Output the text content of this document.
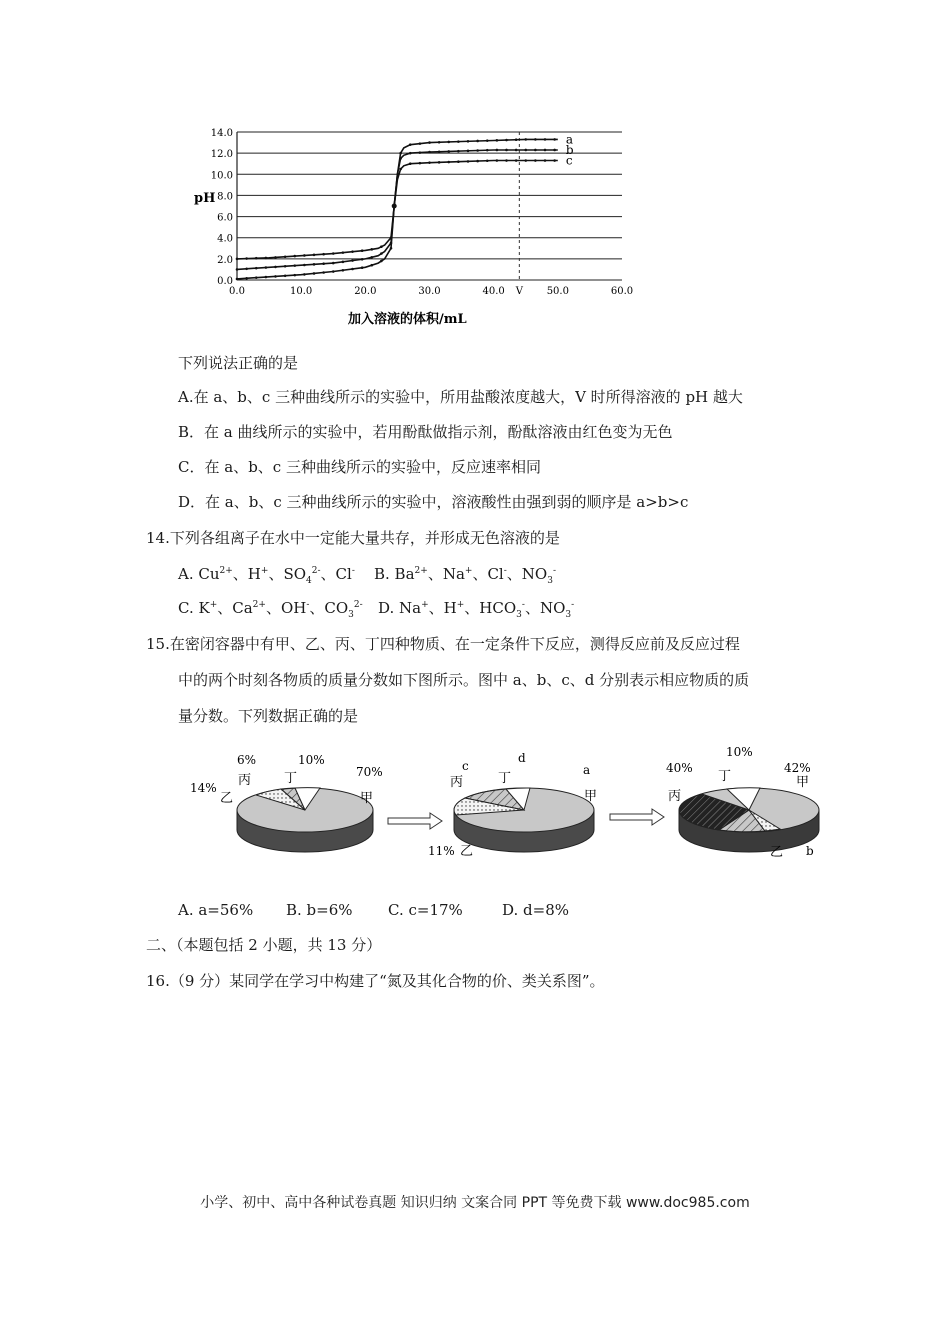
0.0
2.0
4.0
6.0
8.0
10.0
12.0
14.0
0.0	10.0	20.0	30.0	40.0 V 50.0	60.0
a
b
c
pH
加入溶液的体积/mL
下列说法正确的是
A.在 a、b、c 三种曲线所示的实验中，所用盐酸浓度越大，V 时所得溶液的 pH 越大
B．在 a 曲线所示的实验中，若用酚酞做指示剂，酚酞溶液由红色变为无色
C．在 a、b、c 三种曲线所示的实验中，反应速率相同
D．在 a、b、c 三种曲线所示的实验中，溶液酸性由强到弱的顺序是 a>b>c
14.下列各组离子在水中一定能大量共存，并形成无色溶液的是
A. $Cu^{2+}$、H+、$SO_4^{2-}$、Cl- B. $Ba^{2+}$、Na+、Cl-、$NO_3^-$
C. K+、$Ca^{2+}$、OH-、$CO_3^{2-}$ D. Na+、H+、$HCO_3^-$、$NO_3^-$
15.在密闭容器中有甲、乙、丙、丁四种物质、在一定条件下反应，测得反应前及反应过程
中的两个时刻各物质的质量分数如下图所示。图中 a、b、c、d 分别表示相应物质的质
量分数。下列数据正确的是
14%
乙
6%
丙
10%
丁	70%
甲
c
丙
d
丁
a
甲
11% 乙
40%
丙
10%
丁
42%
甲
乙 b
A. a=56% B. b=6% C. c=17%	D. d=8%
二、（本题包括 2 小题，共 13 分）
16.（9 分）某同学在学习中构建了“氮及其化合物的价、类关系图”。
小学、初中、高中各种试卷真题 知识归纳 文案合同 PPT 等免费下载 www.doc985.com
